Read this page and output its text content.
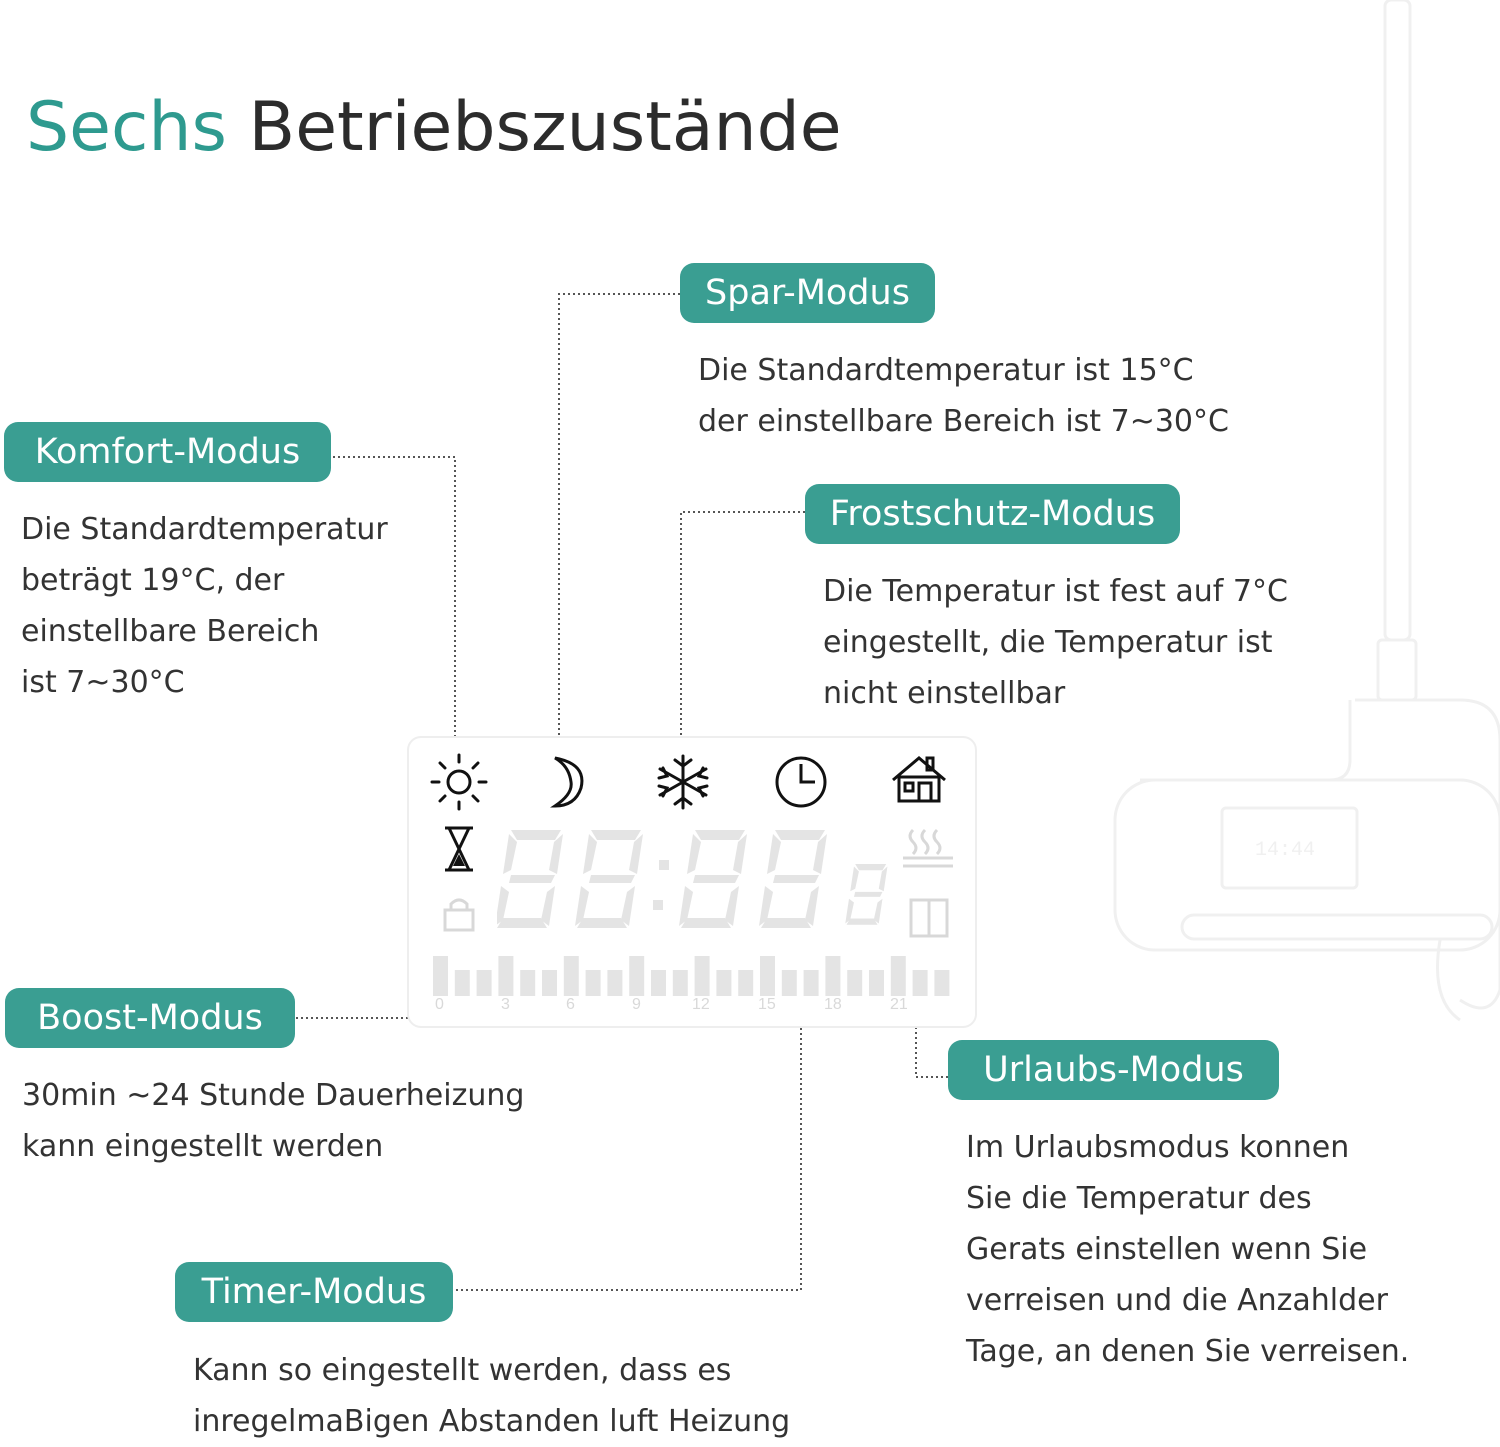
Sechs Betriebszustände
14:44
0	3	6	9	12	15	18	21
Spar-Modus
Die Standardtemperatur ist 15°C
der einstellbare Bereich ist 7~30°C
Komfort-Modus
Die Standardtemperatur
beträgt 19°C, der
einstellbare Bereich
ist 7~30°C
Frostschutz-Modus
Die Temperatur ist fest auf 7°C
eingestellt, die Temperatur ist
nicht einstellbar
Boost-Modus
30min ~24 Stunde Dauerheizung
kann eingestellt werden
Urlaubs-Modus
Im Urlaubsmodus konnen
Sie die Temperatur des
Gerats einstellen wenn Sie
verreisen und die Anzahlder
Tage, an denen Sie verreisen.
Timer-Modus
Kann so eingestellt werden, dass es
inregelmaBigen Abstanden luft Heizung
